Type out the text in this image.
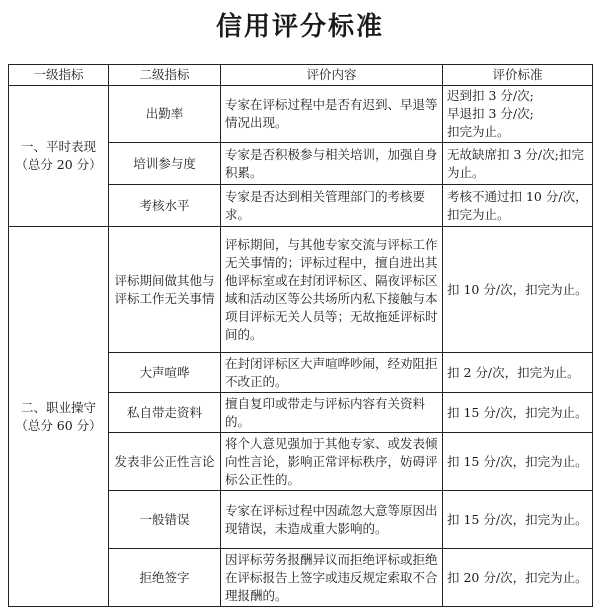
信用评分标准
一级指标	二级指标	评价内容	评价标准

一、平时表现
（总分 20 分）	出勤率	专家在评标过程中是否有迟到、早退等情况出现。	迟到扣 3 分/次;
早退扣 3 分/次;
扣完为止。

	培训参与度	专家是否积极参与相关培训，加强自身积累。	无故缺席扣 3 分/次;扣完为止。
	考核水平	专家是否达到相关管理部门的考核要求。	考核不通过扣 10 分/次，扣完为止。

二、职业操守
（总分 60 分）	评标期间做其他与评标工作无关事情	评标期间，与其他专家交流与评标工作无关事情的；评标过程中，擅自进出其他评标室或在封闭评标区、隔夜评标区域和活动区等公共场所内私下接触与本项目评标无关人员等；无故拖延评标时间的。	扣 10 分/次，扣完为止。
	大声喧哗	在封闭评标区大声喧哗吵闹，经劝阻拒不改正的。	扣 2 分/次，扣完为止。
	私自带走资料	擅自复印或带走与评标内容有关资料的。	扣 15 分/次，扣完为止。
	发表非公正性言论	将个人意见强加于其他专家、或发表倾向性言论，影响正常评标秩序，妨碍评标公正性的。	扣 15 分/次，扣完为止。
	一般错误	专家在评标过程中因疏忽大意等原因出现错误，未造成重大影响的。	扣 15 分/次，扣完为止。
	拒绝签字	因评标劳务报酬异议而拒绝评标或拒绝在评标报告上签字或违反规定索取不合理报酬的。	扣 20 分/次，扣完为止。
